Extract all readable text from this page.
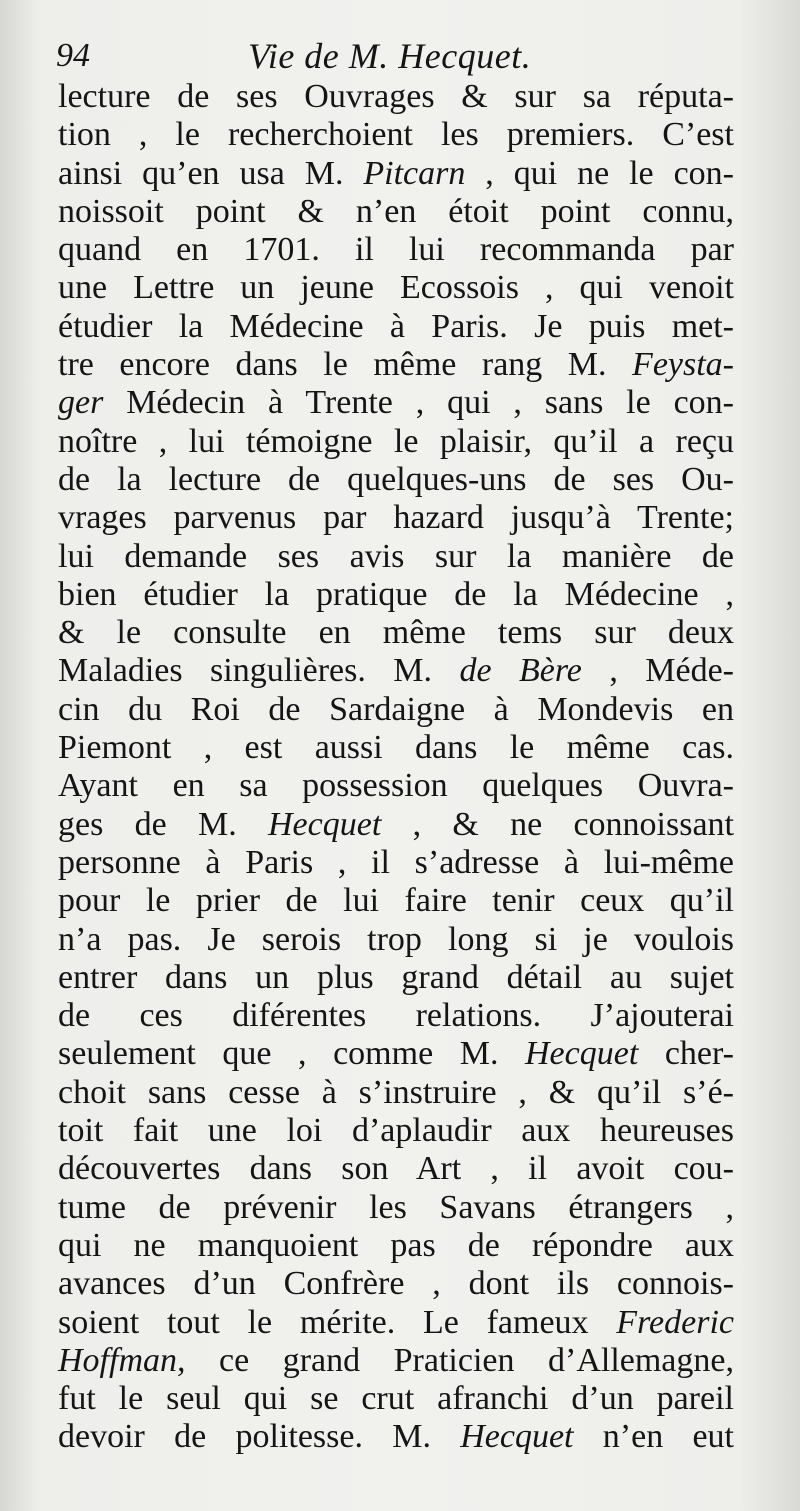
94	Vie de M. Hecquet.
lecture de ses Ouvrages & sur sa réputa-
tion , le recherchoient les premiers. C’est
ainsi qu’en usa M. Pitcarn , qui ne le con-
noissoit point & n’en étoit point connu,
quand en 1701. il lui recommanda par
une Lettre un jeune Ecossois , qui venoit
étudier la Médecine à Paris. Je puis met-
tre encore dans le même rang M. Feysta-
ger Médecin à Trente , qui , sans le con-
noître , lui témoigne le plaisir, qu’il a reçu
de la lecture de quelques-uns de ses Ou-
vrages parvenus par hazard jusqu’à Trente;
lui demande ses avis sur la manière de
bien étudier la pratique de la Médecine ,
& le consulte en même tems sur deux
Maladies singulières. M. de Bère , Méde-
cin du Roi de Sardaigne à Mondevis en
Piemont , est aussi dans le même cas.
Ayant en sa possession quelques Ouvra-
ges de M. Hecquet , & ne connoissant
personne à Paris , il s’adresse à lui-même
pour le prier de lui faire tenir ceux qu’il
n’a pas. Je serois trop long si je voulois
entrer dans un plus grand détail au sujet
de ces diférentes relations. J’ajouterai
seulement que , comme M. Hecquet cher-
choit sans cesse à s’instruire , & qu’il s’é-
toit fait une loi d’aplaudir aux heureuses
découvertes dans son Art , il avoit cou-
tume de prévenir les Savans étrangers ,
qui ne manquoient pas de répondre aux
avances d’un Confrère , dont ils connois-
soient tout le mérite. Le fameux Frederic
Hoffman, ce grand Praticien d’Allemagne,
fut le seul qui se crut afranchi d’un pareil
devoir de politesse. M. Hecquet n’en eut
